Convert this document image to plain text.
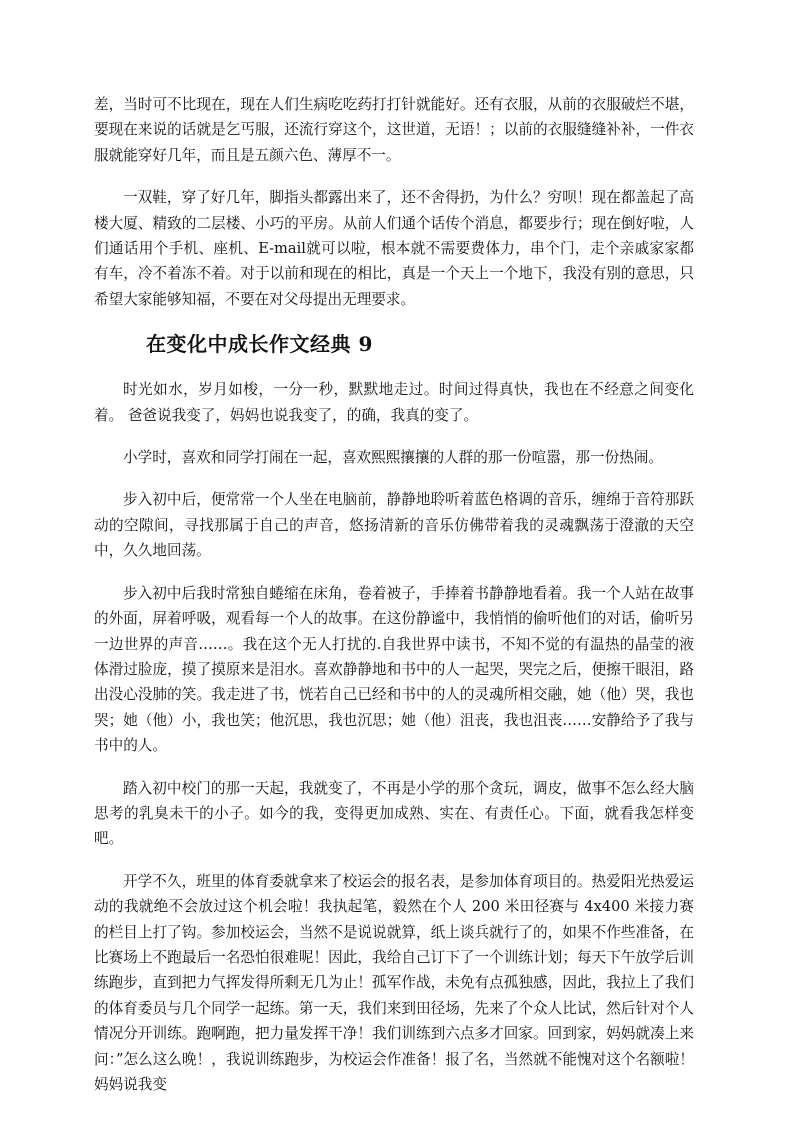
差，当时可不比现在，现在人们生病吃吃药打打针就能好。还有衣服，从前的衣服破烂不堪，要现在来说的话就是乞丐服，还流行穿这个，这世道，无语！；以前的衣服缝缝补补，一件衣服就能穿好几年，而且是五颜六色、薄厚不一。

一双鞋，穿了好几年，脚指头都露出来了，还不舍得扔，为什么？穷呗！现在都盖起了高楼大厦、精致的二层楼、小巧的平房。从前人们通个话传个消息，都要步行；现在倒好啦，人们通话用个手机、座机、E-mail就可以啦，根本就不需要费体力，串个门，走个亲戚家家都有车，冷不着冻不着。对于以前和现在的相比，真是一个天上一个地下，我没有别的意思，只希望大家能够知福，不要在对父母提出无理要求。

在变化中成长作文经典 9

时光如水，岁月如梭，一分一秒，默默地走过。时间过得真快，我也在不经意之间变化着。 爸爸说我变了，妈妈也说我变了，的确，我真的变了。

小学时，喜欢和同学打闹在一起，喜欢熙熙攘攘的人群的那一份喧嚣，那一份热闹。

步入初中后，便常常一个人坐在电脑前，静静地聆听着蓝色格调的音乐，缠绵于音符那跃动的空隙间，寻找那属于自己的声音，悠扬清新的音乐仿佛带着我的灵魂飘荡于澄澈的天空中，久久地回荡。

步入初中后我时常独自蜷缩在床角，卷着被子，手捧着书静静地看着。我一个人站在故事的外面，屏着呼吸，观看每一个人的故事。在这份静谧中，我悄悄的偷听他们的对话，偷听另一边世界的声音……。我在这个无人打扰的.自我世界中读书，不知不觉的有温热的晶莹的液体滑过脸庞，摸了摸原来是泪水。喜欢静静地和书中的人一起哭，哭完之后，便擦干眼泪，路出没心没肺的笑。我走进了书，恍若自己已经和书中的人的灵魂所相交融，她（他）哭，我也哭；她（他）小，我也笑；他沉思，我也沉思；她（他）沮丧，我也沮丧……安静给予了我与书中的人。

踏入初中校门的那一天起，我就变了，不再是小学的那个贪玩，调皮，做事不怎么经大脑思考的乳臭未干的小子。如今的我，变得更加成熟、实在、有责任心。下面，就看我怎样变吧。

开学不久，班里的体育委就拿来了校运会的报名表，是参加体育项目的。热爱阳光热爱运动的我就绝不会放过这个机会啦！我执起笔，毅然在个人 200 米田径赛与 4x400 米接力赛的栏目上打了钩。参加校运会，当然不是说说就算，纸上谈兵就行了的，如果不作些准备，在比赛场上不跑最后一名恐怕很难呢！因此，我给自己订下了一个训练计划；每天下午放学后训练跑步，直到把力气挥发得所剩无几为止！孤军作战，未免有点孤独感，因此，我拉上了我们的体育委员与几个同学一起练。第一天，我们来到田径场，先来了个众人比试，然后针对个人情况分开训练。跑啊跑，把力量发挥干净！我们训练到六点多才回家。回到家，妈妈就凑上来问：”怎么这么晚！，我说训练跑步，为校运会作准备！报了名，当然就不能愧对这个名额啦！妈妈说我变
